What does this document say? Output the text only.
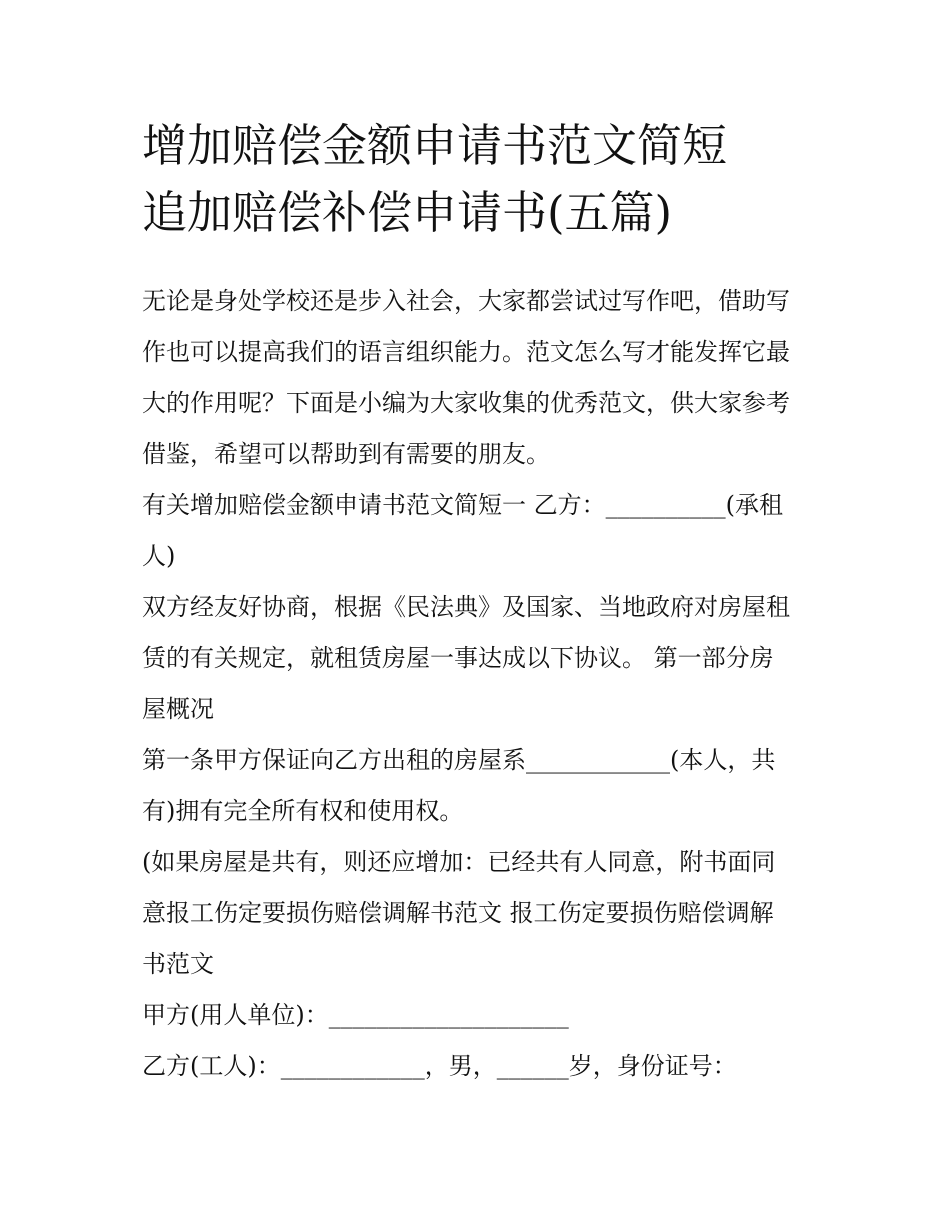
增加赔偿金额申请书范文简短
追加赔偿补偿申请书(五篇)
无论是身处学校还是步入社会，大家都尝试过写作吧，借助写
作也可以提高我们的语言组织能力。范文怎么写才能发挥它最
大的作用呢？下面是小编为大家收集的优秀范文，供大家参考
借鉴，希望可以帮助到有需要的朋友。
有关增加赔偿金额申请书范文简短一 乙方：__________(承租
人)
双方经友好协商，根据《民法典》及国家、当地政府对房屋租
赁的有关规定，就租赁房屋一事达成以下协议。 第一部分房
屋概况
第一条甲方保证向乙方出租的房屋系____________(本人，共
有)拥有完全所有权和使用权。
(如果房屋是共有，则还应增加：已经共有人同意，附书面同
意报工伤定要损伤赔偿调解书范文 报工伤定要损伤赔偿调解
书范文
甲方(用人单位)：____________________
乙方(工人)：____________，男，______岁，身份证号：
